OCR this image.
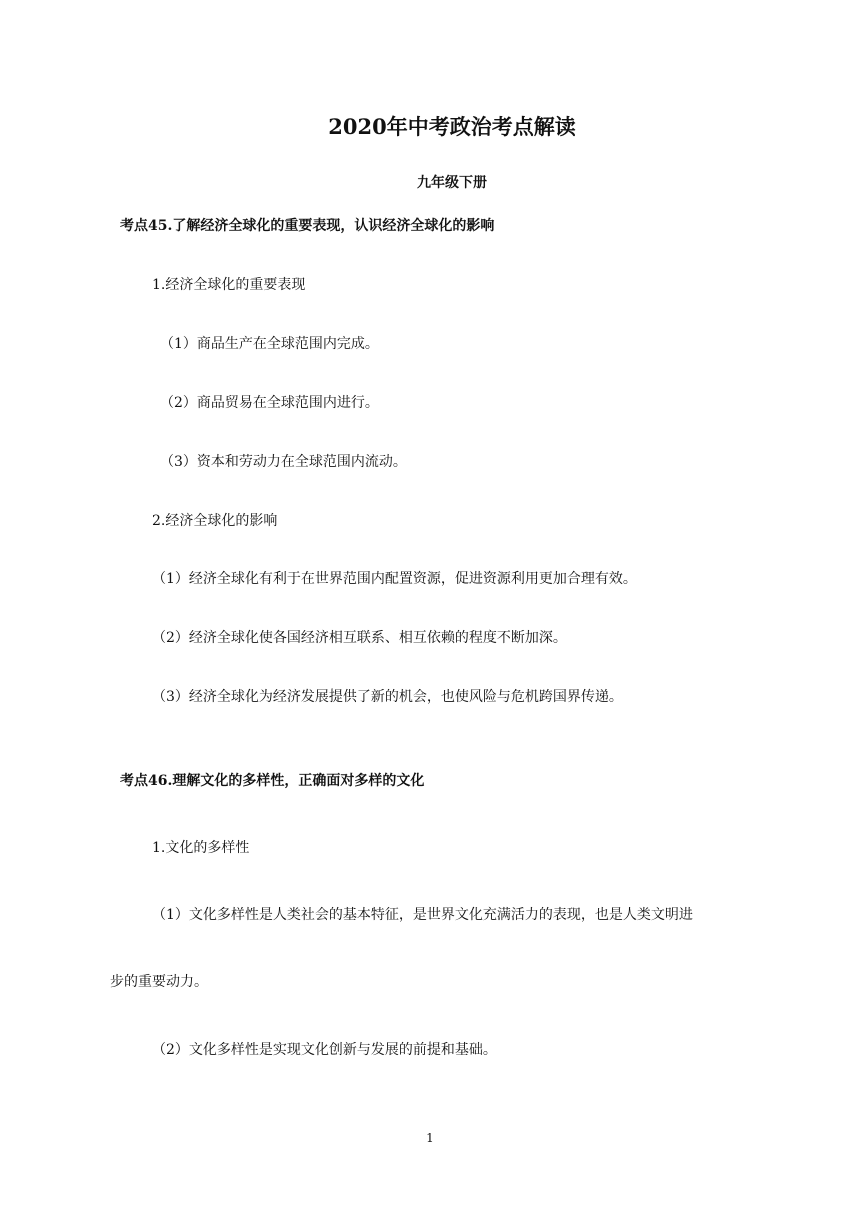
2020年中考政治考点解读
九年级下册
考点45.了解经济全球化的重要表现，认识经济全球化的影响
1.经济全球化的重要表现
（1）商品生产在全球范围内完成。
（2）商品贸易在全球范围内进行。
（3）资本和劳动力在全球范围内流动。
2.经济全球化的影响
（1）经济全球化有利于在世界范围内配置资源，促进资源利用更加合理有效。
（2）经济全球化使各国经济相互联系、相互依赖的程度不断加深。
（3）经济全球化为经济发展提供了新的机会，也使风险与危机跨国界传递。
考点46.理解文化的多样性，正确面对多样的文化
1.文化的多样性
（1）文化多样性是人类社会的基本特征，是世界文化充满活力的表现，也是人类文明进
步的重要动力。
（2）文化多样性是实现文化创新与发展的前提和基础。
1
